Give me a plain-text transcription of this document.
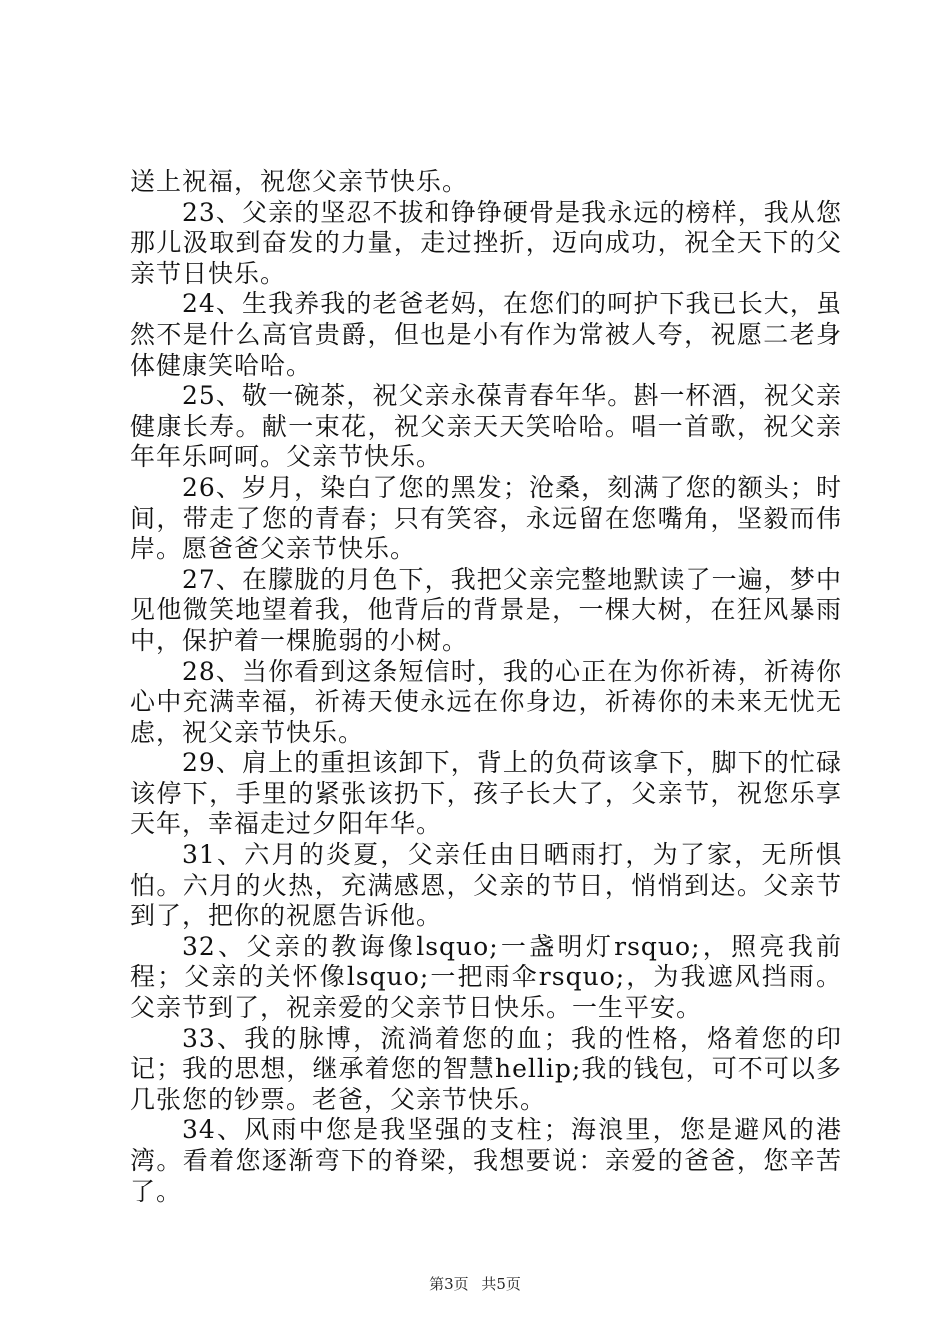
送上祝福，祝您父亲节快乐。

23、父亲的坚忍不拔和铮铮硬骨是我永远的榜样，我从您那儿汲取到奋发的力量，走过挫折，迈向成功，祝全天下的父亲节日快乐。

24、生我养我的老爸老妈，在您们的呵护下我已长大，虽然不是什么高官贵爵，但也是小有作为常被人夸，祝愿二老身体健康笑哈哈。

25、敬一碗茶，祝父亲永葆青春年华。斟一杯酒，祝父亲健康长寿。献一束花，祝父亲天天笑哈哈。唱一首歌，祝父亲年年乐呵呵。父亲节快乐。

26、岁月，染白了您的黑发；沧桑，刻满了您的额头；时间，带走了您的青春；只有笑容，永远留在您嘴角，坚毅而伟岸。愿爸爸父亲节快乐。

27、在朦胧的月色下，我把父亲完整地默读了一遍，梦中见他微笑地望着我，他背后的背景是，一棵大树，在狂风暴雨中，保护着一棵脆弱的小树。

28、当你看到这条短信时，我的心正在为你祈祷，祈祷你心中充满幸福，祈祷天使永远在你身边，祈祷你的未来无忧无虑，祝父亲节快乐。

29、肩上的重担该卸下，背上的负荷该拿下，脚下的忙碌该停下，手里的紧张该扔下，孩子长大了，父亲节，祝您乐享天年，幸福走过夕阳年华。

31、六月的炎夏，父亲任由日晒雨打，为了家，无所惧怕。六月的火热，充满感恩，父亲的节日，悄悄到达。父亲节到了，把你的祝愿告诉他。

32、父亲的教诲像lsquo;一盏明灯rsquo;，照亮我前程；父亲的关怀像lsquo;一把雨伞rsquo;，为我遮风挡雨。父亲节到了，祝亲爱的父亲节日快乐。一生平安。

33、我的脉博，流淌着您的血；我的性格，烙着您的印记；我的思想，继承着您的智慧hellip;我的钱包，可不可以多几张您的钞票。老爸，父亲节快乐。

34、风雨中您是我坚强的支柱；海浪里，您是避风的港湾。看着您逐渐弯下的脊梁，我想要说：亲爱的爸爸，您辛苦了。

第3页 共5页
